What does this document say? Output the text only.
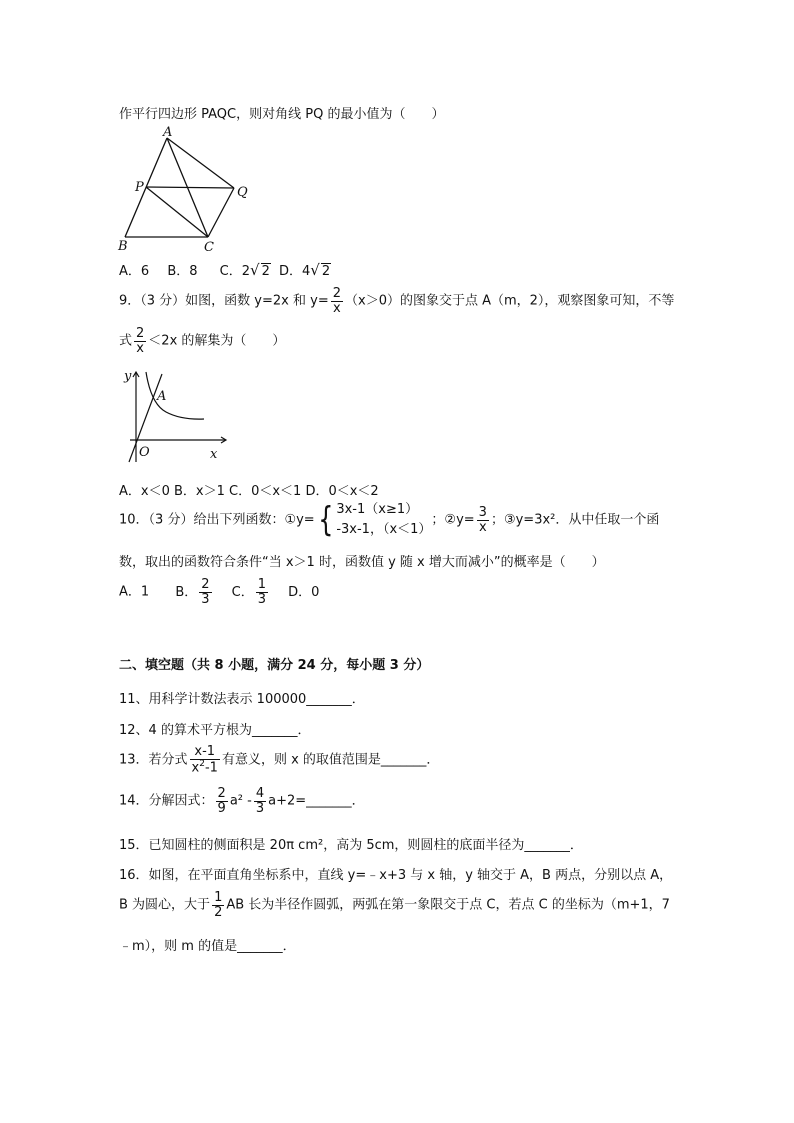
作平行四边形 PAQC，则对角线 PQ 的最小值为（　　）
A
P	Q
B	C
A．6 B．8 C．2√ 2 D．4√ 2
9．（3 分）如图，函数 y=2x 和 $y= \frac{2}{x} (x>0)$的图象交于点 A（m，2），观察图象可知，不等
式 $\frac{2}{x} <2x$ 的解集为（　　）
y
A
O	x
A．x＜0 B．x＞1 C．0＜x＜1 D．0＜x＜2
10．（3 分）给出下列函数：①y={ 3x-1（x≥1）
-3x-1，（x＜1）
；②y= $\frac{3}{x}$ ；③y=3x²．从中任取一个函
数，取出的函数符合条件“当 x＞1 时，函数值 y 随 x 增大而减小”的概率是（　　）
A．1 B． $\frac{2}{3}$ C． $\frac{1}{3}$ D．0
二、填空题（共 8 小题，满分 24 分，每小题 3 分）
11、用科学计数法表示 100000_______．
12、4 的算术平方根为_______．
13．若分式 $\frac{x-1}{x^2-1}$ 有意义，则 x 的取值范围是_______．
14．分解因式： $\frac{2}{9} a^2 - \frac{4}{3}$ a+2=_______．
15．已知圆柱的侧面积是 20π cm²，高为 5cm，则圆柱的底面半径为_______．
16．如图，在平面直角坐标系中，直线 y=﹣x+3 与 x 轴，y 轴交于 A，B 两点，分别以点 A，
B 为圆心，大于 $\frac{1}{2}$ AB 长为半径作圆弧，两弧在第一象限交于点 C，若点 C 的坐标为（m+1，7
﹣m），则 m 的值是_______．
